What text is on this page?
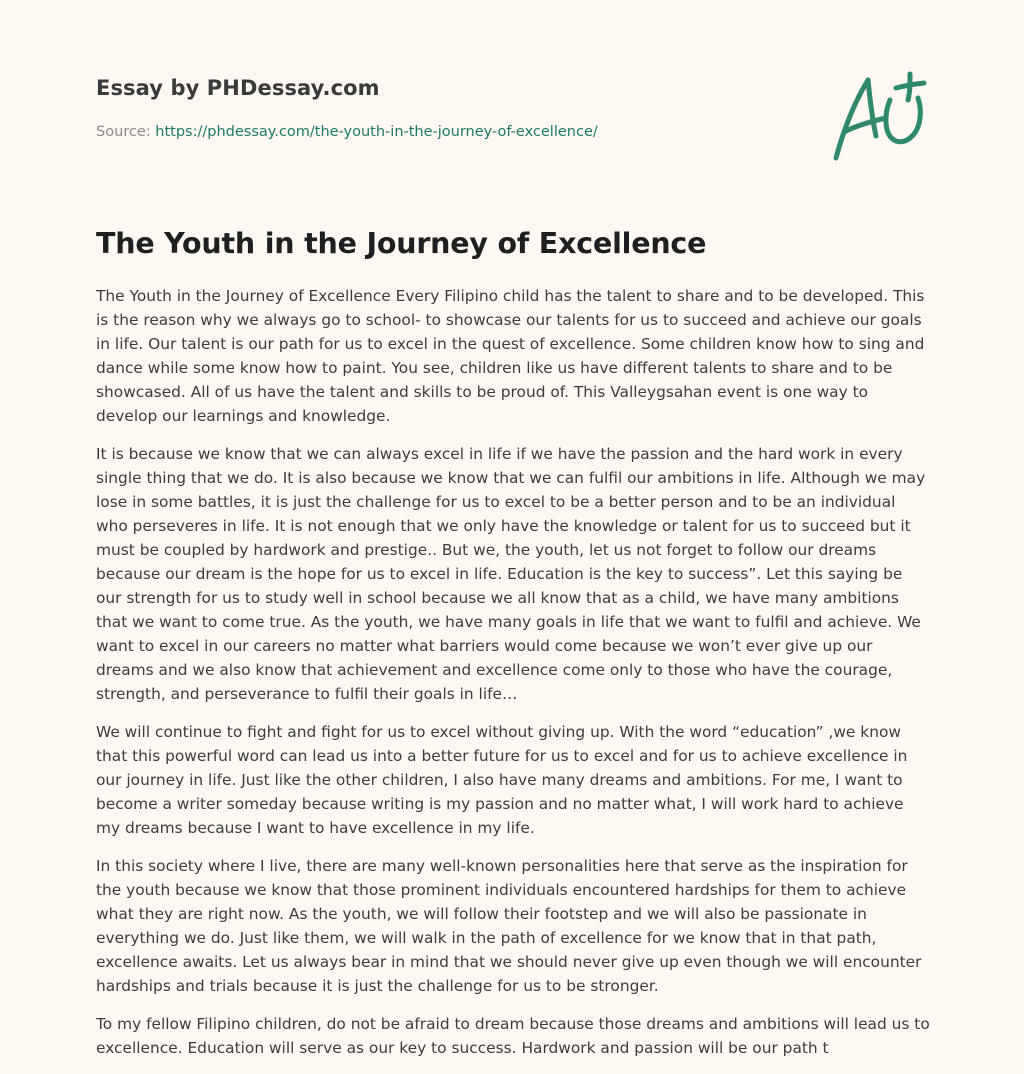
Essay by PHDessay.com
Source: https://phdessay.com/the-youth-in-the-journey-of-excellence/
The Youth in the Journey of Excellence

The Youth in the Journey of Excellence Every Filipino child has the talent to share and to be developed. This is the reason why we always go to school- to showcase our talents for us to succeed and achieve our goals in life. Our talent is our path for us to excel in the quest of excellence. Some children know how to sing and dance while some know how to paint. You see, children like us have different talents to share and to be showcased. All of us have the talent and skills to be proud of. This Valleygsahan event is one way to develop our learnings and knowledge.

It is because we know that we can always excel in life if we have the passion and the hard work in every single thing that we do. It is also because we know that we can fulfil our ambitions in life. Although we may lose in some battles, it is just the challenge for us to excel to be a better person and to be an individual who perseveres in life. It is not enough that we only have the knowledge or talent for us to succeed but it must be coupled by hardwork and prestige.. But we, the youth, let us not forget to follow our dreams because our dream is the hope for us to excel in life. Education is the key to success”. Let this saying be our strength for us to study well in school because we all know that as a child, we have many ambitions that we want to come true. As the youth, we have many goals in life that we want to fulfil and achieve. We want to excel in our careers no matter what barriers would come because we won’t ever give up our dreams and we also know that achievement and excellence come only to those who have the courage, strength, and perseverance to fulfil their goals in life…

We will continue to fight and fight for us to excel without giving up. With the word “education” ,we know that this powerful word can lead us into a better future for us to excel and for us to achieve excellence in our journey in life. Just like the other children, I also have many dreams and ambitions. For me, I want to become a writer someday because writing is my passion and no matter what, I will work hard to achieve my dreams because I want to have excellence in my life.

In this society where I live, there are many well-known personalities here that serve as the inspiration for the youth because we know that those prominent individuals encountered hardships for them to achieve what they are right now. As the youth, we will follow their footstep and we will also be passionate in everything we do. Just like them, we will walk in the path of excellence for we know that in that path, excellence awaits. Let us always bear in mind that we should never give up even though we will encounter hardships and trials because it is just the challenge for us to be stronger.

To my fellow Filipino children, do not be afraid to dream because those dreams and ambitions will lead us to excellence. Education will serve as our key to success. Hardwork and passion will be our path t
